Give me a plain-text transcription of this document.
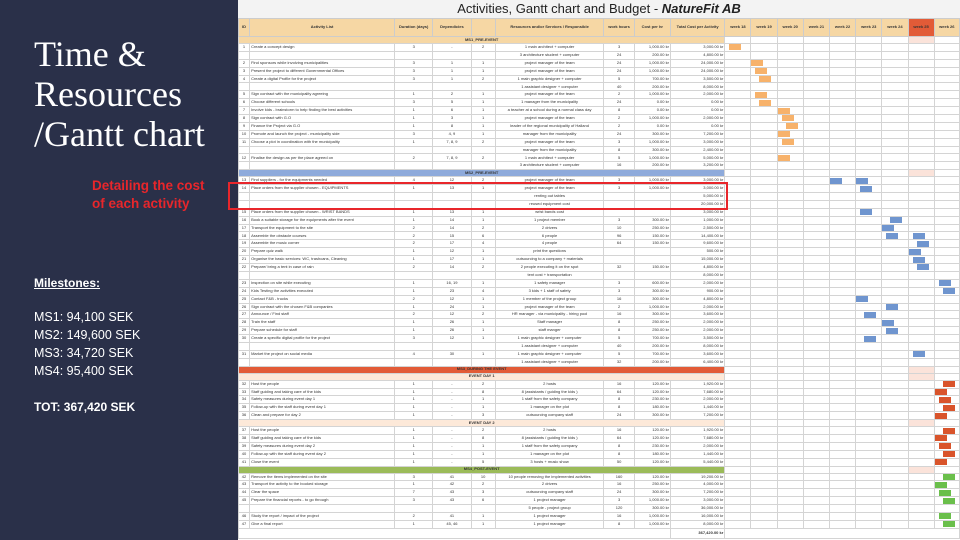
Time &
Resources
/Gantt chart
Detailing the cost
of each activity
Milestones:
MS1: 94,100 SEK
MS2: 149,600 SEK
MS3: 34,720 SEK
MS4: 95,400 SEK
TOT: 367,420 SEK
Activities, Gantt chart and Budget - NatureFit AB
ID	Activity List	Duration (days)	Dependicies		Resources and/or Services / Responsible	work hours	Cost per hr	Total Cost per Activity	week 18	week 19	week 20	week 21	week 22	week 23	week 24	week 25	week 26
MS1_PRE-EVENT																	
1	Create a concept design	3	-	2	1 main architect + computer	3	1,000.00 kr	3,000.00 kr									
					3 architecture student + computer	24	200.00 kr	4,800.00 kr									
2	Find sponsors while involving municipalities	3	1	1	project manager of the team	24	1,000.00 kr	24,000.00 kr									
3	Present the project to different Governmental Offices	3	1	1	project manager of the team	24	1,000.00 kr	24,000.00 kr									
4	Create a digital Profile for the project	3	1	2	1 main graphic designer + computer	5	700.00 kr	3,500.00 kr									
					1 assistant designer + computer	40	200.00 kr	8,000.00 kr									
5	Sign contract with the municipality agreeing	1	2	1	project manager of the team	2	1,000.00 kr	2,000.00 kr									
6	Choose different schools	3	5	1	1 manager from the municipality	24	0.00 kr	0.00 kr									
7	Involve kids - brainstorm to help finding the best activities	1	6	1	a teacher at a school during a normal class day	8	0.00 kr	0.00 kr									
8	Sign contract with G.O	1	3	1	project manager of the team	2	1,000.00 kr	2,000.00 kr									
9	Finance the Project via G.O	1	8	1	leader of the regional municipality of Halland	2	0.00 kr	0.00 kr									
10	Promote and launch the project - municipality side	3	4, 9	1	manager from the municipality	24	300.00 kr	7,200.00 kr									
11	Choose a plot in coordination with the municipality	1	7, 8, 9	2	project manager of the team	3	1,000.00 kr	3,000.00 kr									
					manager from the municipality	8	300.00 kr	2,400.00 kr									
12	Finalise the design as per the place agreed on	2	7, 8, 9	2	1 main architect + computer	5	1,000.00 kr	5,000.00 kr									
					3 architecture student + computer	16	200.00 kr	3,200.00 kr									
MS2_PRE-EVENT																	
13	Find suppliers - for the equipments needed	4	12	2	project manager of the team	3	1,000.00 kr	3,000.00 kr									
14	Place orders from the supplier chosen - EQUIPMENTS	1	13	1	project manager of the team	3	1,000.00 kr	3,000.00 kr									
					renting out tables			5,000.00 kr									
					reused equipment cost			20,000.00 kr									
15	Place orders from the supplier chosen - WRIST BANDS	1	13	1	wrist bands cost			3,000.00 kr									
16	Book a suitable storage for the equipments after the event	1	14	1	1 project member	3	300.00 kr	1,000.00 kr									
17	Transport the equipment to the site	2	14	2	2 drivers	10	250.00 kr	2,500.00 kr									
18	Assemble the obstacle courses	2	15	6	6 people	96	150.00 kr	14,400.00 kr									
19	Assemble the music corner	2	17	4	4 people	64	150.00 kr	9,600.00 kr									
20	Prepare quiz walk	1	12	1	print the questions			500.00 kr									
21	Organise the basic services: WC, trashcans, Cleaning	1	17	1	outsourcing to a company + materials			15,000.00 kr									
22	Prepare/ bring a tent in case of rain	2	14	2	2 people executing it on the spot	32	150.00 kr	4,800.00 kr									
					tent cost + transportation			8,000.00 kr									
23	Inspection on site while executing	1	16, 19	1	1 safety manager	3	600.00 kr	2,000.00 kr									
24	Kids Testing the activities executed	1	23	4	3 kids + 1 staff of safety	3	300.00 kr	900.00 kr									
25	Contact F&B - trucks	2	12	1	1 member of the project group	16	300.00 kr	4,800.00 kr									
26	Sign contract with the chosen F&B companies	1	24	1	project manager of the team	2	1,000.00 kr	2,000.00 kr									
27	Announce / Find staff	2	12	2	HR manager - via municipality - hiring pool	16	300.00 kr	3,600.00 kr									
28	Train the staff	1	26	1	Staff manager	8	250.00 kr	2,000.00 kr									
29	Prepare schedule for staff	1	26	1	staff manger	8	250.00 kr	2,000.00 kr									
30	Create a specific digital profile for the project	3	12	1	1 main graphic designer + computer	5	700.00 kr	3,500.00 kr									
					1 assistant designer + computer	40	200.00 kr	8,000.00 kr									
31	Market the project on social media	4	30	1	1 main graphic designer + computer	5	700.00 kr	3,600.00 kr									
					1 assistant designer + computer	32	200.00 kr	6,400.00 kr									
MS3_DURING THE EVENT																	
EVENT DAY 1																	
32	Host the people	1	-	2	2 hosts	16	120.00 kr	1,920.00 kr									
33	Staff guiding and taking care of the kids	1	-	8	8 (assistants / guiding the kids )	64	120.00 kr	7,680.00 kr									
34	Safety measures during event day 1	1	-	1	1 staff from the safety company	8	230.00 kr	2,000.00 kr									
35	Follow-up with the staff during event day 1	1	-	1	1 manager on the plot	8	180.00 kr	1,440.00 kr									
36	Clean and prepare for day 2	1	-	3	outsourcing company staff	24	300.00 kr	7,200.00 kr									
EVENT DAY 2																	
37	Host the people	1	-	2	2 hosts	16	120.00 kr	1,920.00 kr									
38	Staff guiding and taking care of the kids	1	-	8	8 (assistants / guiding the kids )	64	120.00 kr	7,680.00 kr									
39	Safety measures during event day 2	1	-	1	1 staff from the safety company	8	230.00 kr	2,000.00 kr									
40	Follow-up with the staff during event day 2	1	-	1	1 manager on the plot	8	180.00 kr	1,440.00 kr									
41	Close the event	1	-	5	3 hosts + music show	50	120.00 kr	5,440.00 kr									
MS4_POST-EVENT																	
42	Remove the items implemented on the site	3	41	10	10 people removing the implemented activities	160	120.00 kr	19,200.00 kr									
43	Transport the activity to the booked storage	1	42	2	2 drivers	16	250.00 kr	4,000.00 kr									
44	Clear the space	7	43	3	outsourcing company staff	24	300.00 kr	7,200.00 kr									
45	Prepare the financial reports - to go through	3	43	6	1 project manager	3	1,000.00 kr	3,000.00 kr									
					5 people - project group	120	300.00 kr	36,000.00 kr									
46	Study the report / impact of the project	2	41	1	1 project manager	16	1,000.00 kr	16,000.00 kr									
47	Give a final report	1	45, 46	1	1 project manager	8	1,000.00 kr	8,000.00 kr									
								367,420.00 kr									
